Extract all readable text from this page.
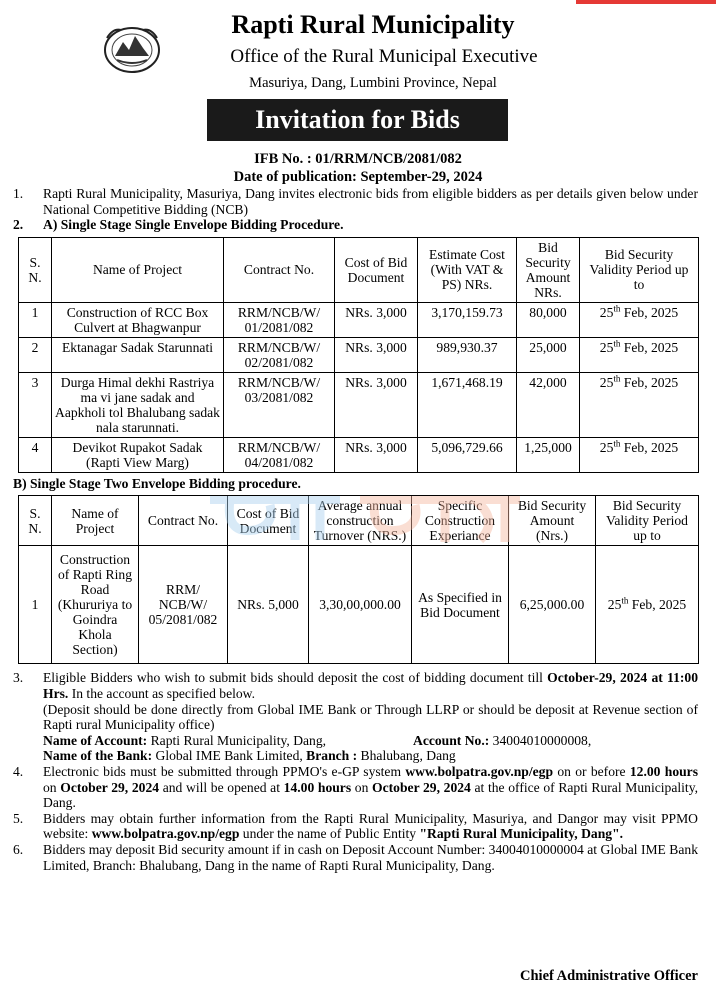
Rapti Rural Municipality
Office of the Rural Municipal Executive
Masuriya, Dang, Lumbini Province, Nepal
Invitation for Bids
IFB No. : 01/RRM/NCB/2081/082
Date of publication: September-29, 2024
1.	Rapti Rural Municipality, Masuriya, Dang invites electronic bids from eligible bidders as per details given below under National Competitive Bidding (NCB)
2.	A) Single Stage Single Envelope Bidding Procedure.
S. N.	Name of Project	Contract No.	Cost of Bid Document	Estimate Cost (With VAT & PS) NRs.	Bid Security Amount NRs.	Bid Security Validity Period up to
1	Construction of RCC Box Culvert at Bhagwanpur	RRM/NCB/W/ 01/2081/082	NRs. 3,000	3,170,159.73	80,000	25th Feb, 2025
2	Ektanagar Sadak Starunnati	RRM/NCB/W/ 02/2081/082	NRs. 3,000	989,930.37	25,000	25th Feb, 2025
3	Durga Himal dekhi Rastriya ma vi jane sadak and Aapkholi tol Bhalubang sadak nala starunnati.	RRM/NCB/W/ 03/2081/082	NRs. 3,000	1,671,468.19	42,000	25th Feb, 2025
4	Devikot Rupakot Sadak (Rapti View Marg)	RRM/NCB/W/ 04/2081/082	NRs. 3,000	5,096,729.66	1,25,000	25th Feb, 2025
B) Single Stage Two Envelope Bidding procedure.
S. N.	Name of Project	Contract No.	Cost of Bid Document	Average annual construction Turnover (NRS.)	Specific Construction Experiance	Bid Security Amount (Nrs.)	Bid Security Validity Period up to
1	Construction of Rapti Ring Road (Khururiya to Goindra Khola Section)	RRM/ NCB/W/ 05/2081/082	NRs. 5,000	3,30,00,000.00	As Specified in Bid Document	6,25,000.00	25th Feb, 2025
3.	Eligible Bidders who wish to submit bids should deposit the cost of bidding document till October-29, 2024 at 11:00 Hrs. In the account as specified below.
(Deposit should be done directly from Global IME Bank or Through LLRP or should be deposit at Revenue section of Rapti rural Municipality office)

Name of Account: Rapti Rural Municipality, Dang,	Account No.: 34004010000008,
Name of the Bank: Global IME Bank Limited, Branch : Bhalubang, Dang
4.	Electronic bids must be submitted through PPMO's e-GP system www.bolpatra.gov.np/egp on or before 12.00 hours on October 29, 2024 and will be opened at 14.00 hours on October 29, 2024 at the office of Rapti Rural Municipality, Dang.
5.	Bidders may obtain further information from the Rapti Rural Municipality, Masuriya, and Dangor may visit PPMO website: www.bolpatra.gov.np/egp under the name of Public Entity "Rapti Rural Municipality, Dang".
6.	Bidders may deposit Bid security amount if in cash on Deposit Account Number: 34004010000004 at Global IME Bank Limited, Branch: Bhalubang, Dang in the name of Rapti Rural Municipality, Dang.
Chief Administrative Officer
